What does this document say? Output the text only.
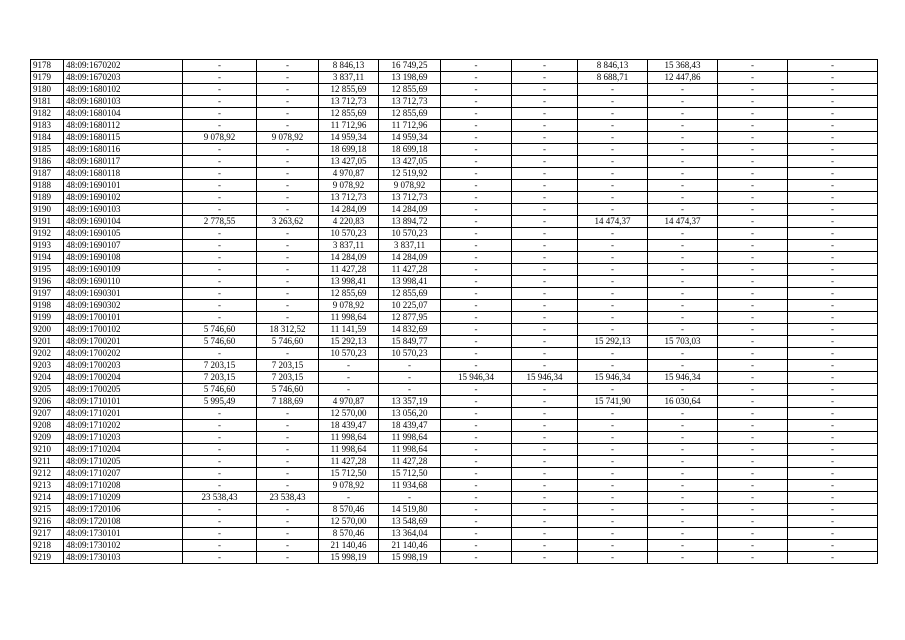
9178	48:09:1670202	-	-	8 846,13	16 749,25	-	-	8 846,13	15 368,43	-	-
9179	48:09:1670203	-	-	3 837,11	13 198,69	-	-	8 688,71	12 447,86	-	-
9180	48:09:1680102	-	-	12 855,69	12 855,69	-	-	-	-	-	-
9181	48:09:1680103	-	-	13 712,73	13 712,73	-	-	-	-	-	-
9182	48:09:1680104	-	-	12 855,69	12 855,69	-	-	-	-	-	-
9183	48:09:1680112	-	-	11 712,96	11 712,96	-	-	-	-	-	-
9184	48:09:1680115	9 078,92	9 078,92	14 959,34	14 959,34	-	-	-	-	-	-
9185	48:09:1680116	-	-	18 699,18	18 699,18	-	-	-	-	-	-
9186	48:09:1680117	-	-	13 427,05	13 427,05	-	-	-	-	-	-
9187	48:09:1680118	-	-	4 970,87	12 519,92	-	-	-	-	-	-
9188	48:09:1690101	-	-	9 078,92	9 078,92	-	-	-	-	-	-
9189	48:09:1690102	-	-	13 712,73	13 712,73	-	-	-	-	-	-
9190	48:09:1690103	-	-	14 284,09	14 284,09	-	-	-	-	-	-
9191	48:09:1690104	2 778,55	3 263,62	4 220,83	13 894,72	-	-	14 474,37	14 474,37	-	-
9192	48:09:1690105	-	-	10 570,23	10 570,23	-	-	-	-	-	-
9193	48:09:1690107	-	-	3 837,11	3 837,11	-	-	-	-	-	-
9194	48:09:1690108	-	-	14 284,09	14 284,09	-	-	-	-	-	-
9195	48:09:1690109	-	-	11 427,28	11 427,28	-	-	-	-	-	-
9196	48:09:1690110	-	-	13 998,41	13 998,41	-	-	-	-	-	-
9197	48:09:1690301	-	-	12 855,69	12 855,69	-	-	-	-	-	-
9198	48:09:1690302	-	-	9 078,92	10 225,07	-	-	-	-	-	-
9199	48:09:1700101	-	-	11 998,64	12 877,95	-	-	-	-	-	-
9200	48:09:1700102	5 746,60	18 312,52	11 141,59	14 832,69	-	-	-	-	-	-
9201	48:09:1700201	5 746,60	5 746,60	15 292,13	15 849,77	-	-	15 292,13	15 703,03	-	-
9202	48:09:1700202	-	-	10 570,23	10 570,23	-	-	-	-	-	-
9203	48:09:1700203	7 203,15	7 203,15	-	-	-	-	-	-	-	-
9204	48:09:1700204	7 203,15	7 203,15	-	-	15 946,34	15 946,34	15 946,34	15 946,34	-	-
9205	48:09:1700205	5 746,60	5 746,60	-	-	-	-	-	-	-	-
9206	48:09:1710101	5 995,49	7 188,69	4 970,87	13 357,19	-	-	15 741,90	16 030,64	-	-
9207	48:09:1710201	-	-	12 570,00	13 056,20	-	-	-	-	-	-
9208	48:09:1710202	-	-	18 439,47	18 439,47	-	-	-	-	-	-
9209	48:09:1710203	-	-	11 998,64	11 998,64	-	-	-	-	-	-
9210	48:09:1710204	-	-	11 998,64	11 998,64	-	-	-	-	-	-
9211	48:09:1710205	-	-	11 427,28	11 427,28	-	-	-	-	-	-
9212	48:09:1710207	-	-	15 712,50	15 712,50	-	-	-	-	-	-
9213	48:09:1710208	-	-	9 078,92	11 934,68	-	-	-	-	-	-
9214	48:09:1710209	23 538,43	23 538,43	-	-	-	-	-	-	-	-
9215	48:09:1720106	-	-	8 570,46	14 519,80	-	-	-	-	-	-
9216	48:09:1720108	-	-	12 570,00	13 548,69	-	-	-	-	-	-
9217	48:09:1730101	-	-	8 570,46	13 364,04	-	-	-	-	-	-
9218	48:09:1730102	-	-	21 140,46	21 140,46	-	-	-	-	-	-
9219	48:09:1730103	-	-	15 998,19	15 998,19	-	-	-	-	-	-
